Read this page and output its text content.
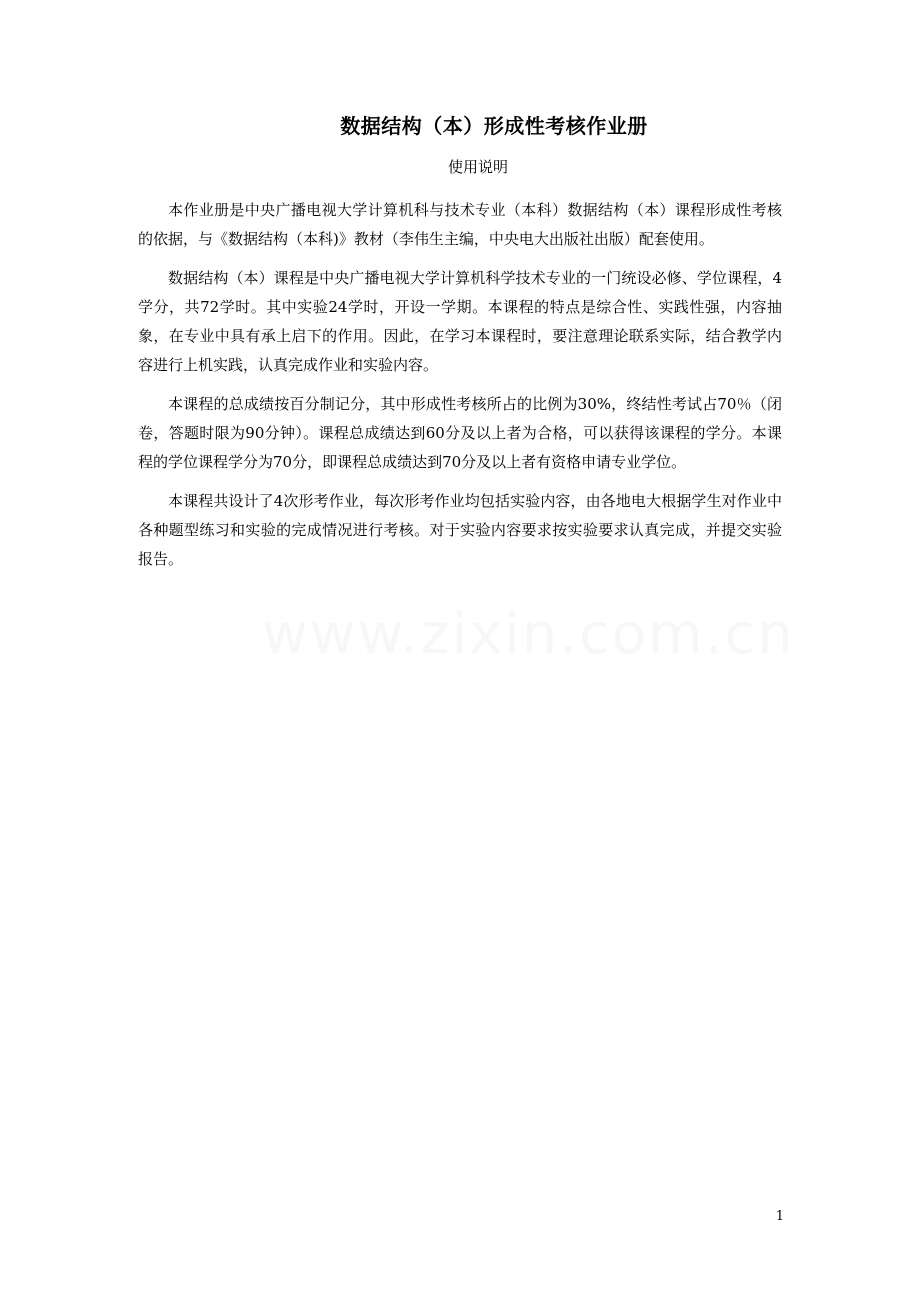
www.zixin.com.cn
数据结构（本）形成性考核作业册
使用说明

本作业册是中央广播电视大学计算机科与技术专业（本科）数据结构（本）课程形成性考核的依据，与《数据结构（本科)》教材（李伟生主编，中央电大出版社出版）配套使用。

数据结构（本）课程是中央广播电视大学计算机科学技术专业的一门统设必修、学位课程，4学分，共72学时。其中实验24学时，开设一学期。本课程的特点是综合性、实践性强，内容抽象，在专业中具有承上启下的作用。因此，在学习本课程时，要注意理论联系实际，结合教学内容进行上机实践，认真完成作业和实验内容。

本课程的总成绩按百分制记分，其中形成性考核所占的比例为30%，终结性考试占70％（闭卷，答题时限为90分钟）。课程总成绩达到60分及以上者为合格，可以获得该课程的学分。本课程的学位课程学分为70分，即课程总成绩达到70分及以上者有资格申请专业学位。

本课程共设计了4次形考作业，每次形考作业均包括实验内容，由各地电大根据学生对作业中各种题型练习和实验的完成情况进行考核。对于实验内容要求按实验要求认真完成，并提交实验报告。

1
